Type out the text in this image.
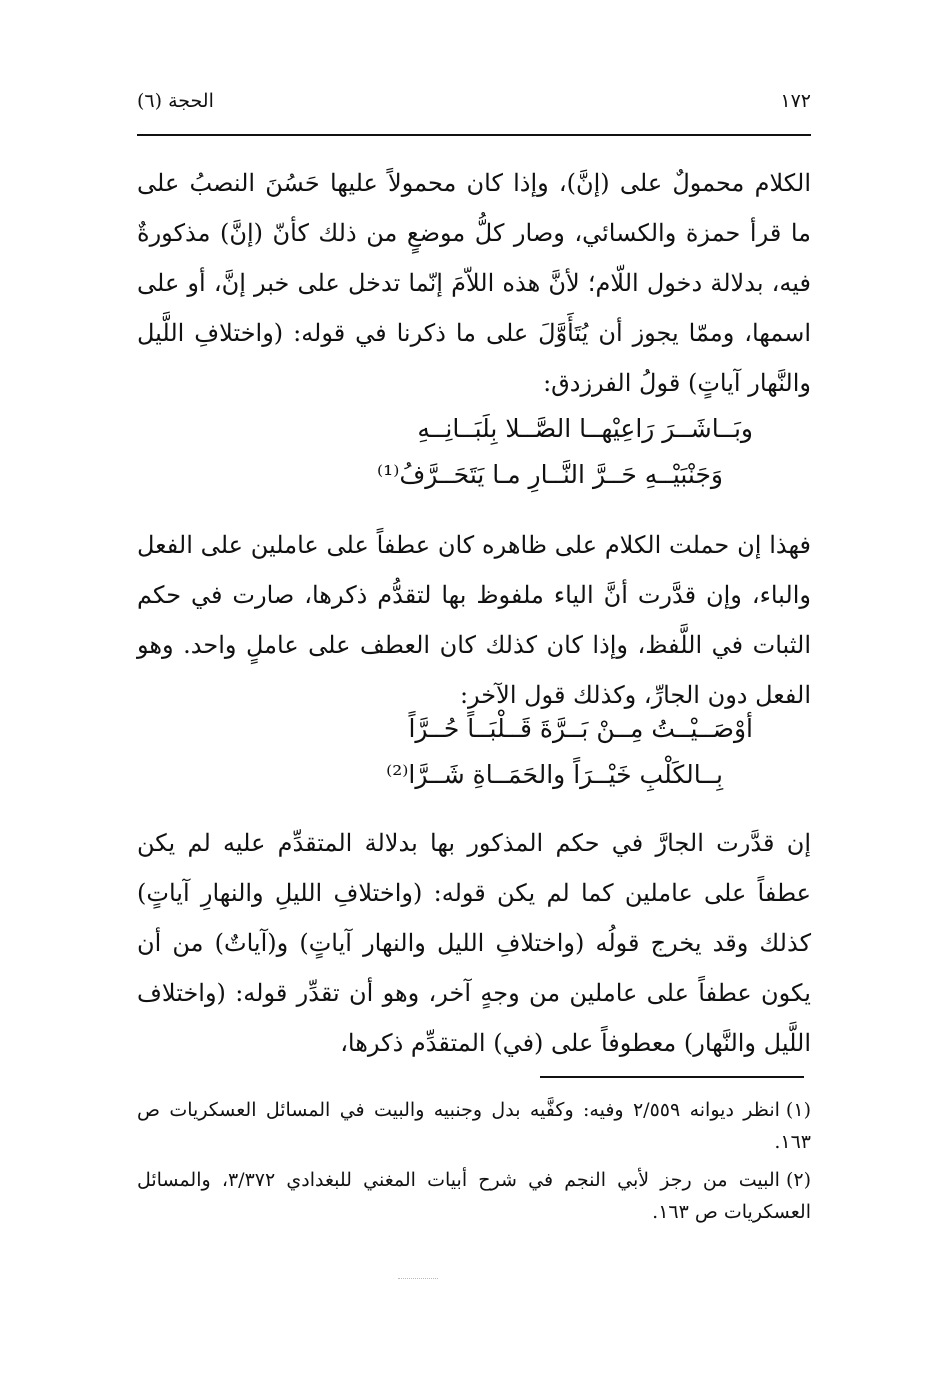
١٧٢
الحجة (٦)
الكلام محمولٌ على (إنَّ)، وإذا كان محمولاً عليها حَسُنَ النصبُ على ما قرأ حمزة والكسائي، وصار كلُّ موضعٍ من ذلك كأنّ (إنَّ) مذكورةٌ فيه، بدلالة دخول اللّام؛ لأنَّ هذه اللاّمَ إنّما تدخل على خبر إنَّ، أو على اسمها، وممّا يجوز أن يُتَأَوَّلَ على ما ذكرنا في قوله: (واختلافِ اللَّيل والنَّهار آياتٍ) قولُ الفرزدق:
وبَــاشَــرَ رَاعِيْهــا الصَّــلا بِلَبَــانِــهِ
وَجَنْبَيْــهِ حَــرَّ النَّــارِ مـا يَتَحَــرَّفُ⁽¹⁾
فهذا إن حملت الكلام على ظاهره كان عطفاً على عاملين على الفعل والباء، وإن قدَّرت أنَّ الياء ملفوظ بها لتقدُّم ذكرها، صارت في حكم الثبات في اللَّفظ، وإذا كان كذلك كان العطف على عاملٍ واحد. وهو الفعل دون الجارِّ، وكذلك قول الآخر:
أوْصَــيْــتُ مِــنْ بَــرَّةَ قَــلْبَــاً حُــرَّاً
بِــالكَلْبِ خَيْــرَاً والحَمَــاةِ شَــرَّا⁽²⁾
إن قدَّرت الجارَّ في حكم المذكور بها بدلالة المتقدِّم عليه لم يكن عطفاً على عاملين كما لم يكن قوله: (واختلافِ الليلِ والنهارِ آياتٍ) كذلك وقد يخرج قولُه (واختلافِ الليل والنهار آياتٍ) و(آياتٌ) من أن يكون عطفاً على عاملين من وجهٍ آخر، وهو أن تقدِّر قوله: (واختلاف اللَّيل والنَّهار) معطوفاً على (في) المتقدِّم ذكرها،
(١)انظر ديوانه ٢/٥٥٩ وفيه: وكفَّيه بدل وجنبيه والبيت في المسائل العسكريات ص ١٦٣.
(٢)البيت من رجز لأبي النجم في شرح أبيات المغني للبغدادي ٣/٣٧٢، والمسائل العسكريات ص ١٦٣.
